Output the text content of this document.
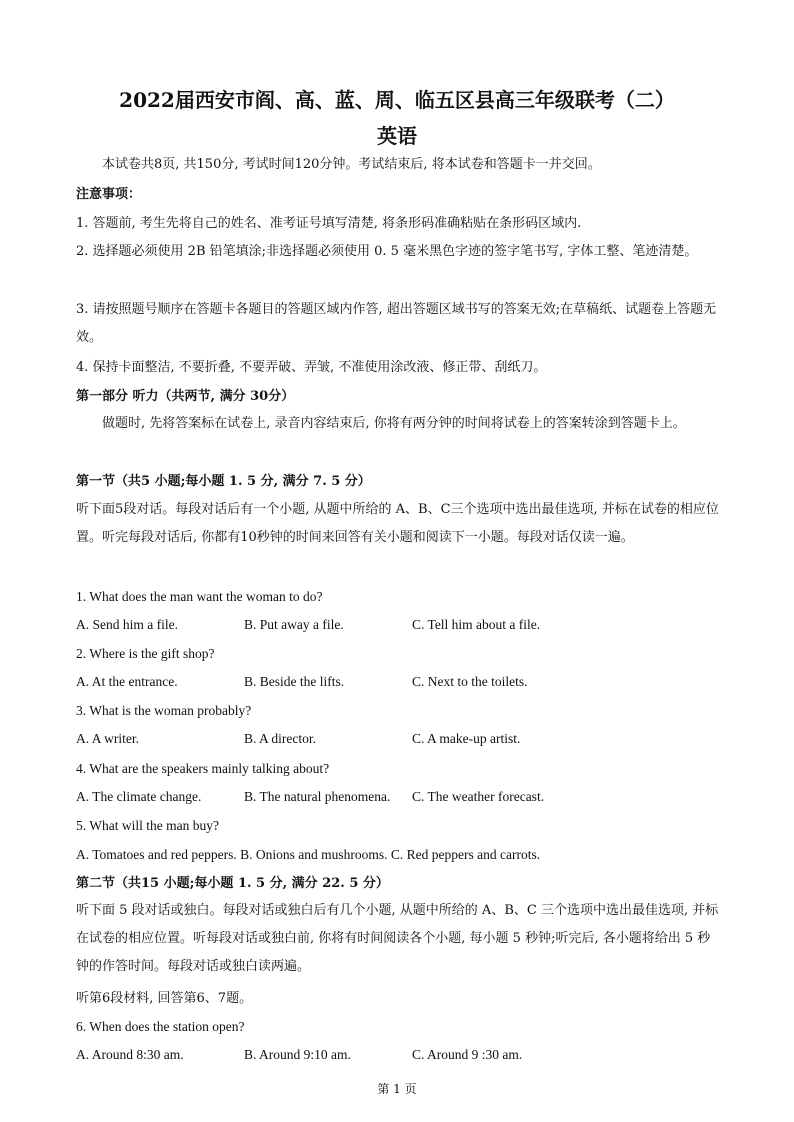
2022届西安市阎、高、蓝、周、临五区县高三年级联考（二）
英语
本试卷共8页, 共150分, 考试时间120分钟。考试结束后, 将本试卷和答题卡一并交回。
注意事项：
1. 答题前, 考生先将自己的姓名、准考证号填写清楚, 将条形码准确粘贴在条形码区域内.
2. 选择题必须使用 2B 铅笔填涂;非选择题必须使用 0. 5 毫米黑色字迹的签字笔书写, 字体工整、笔迹清楚。
3. 请按照题号顺序在答题卡各题目的答题区域内作答, 超出答题区域书写的答案无效;在草稿纸、试题卷上答题无效。
4. 保持卡面整洁, 不要折叠, 不要弄破、弄皱, 不准使用涂改液、修正带、刮纸刀。
第一部分 听力（共两节, 满分 30分）
做题时, 先将答案标在试卷上, 录音内容结束后, 你将有两分钟的时间将试卷上的答案转涂到答题卡上。
第一节（共5 小题;每小题 1. 5 分, 满分 7. 5 分）
听下面5段对话。每段对话后有一个小题, 从题中所给的 A、B、C三个选项中选出最佳选项, 并标在试卷的相应位置。听完每段对话后, 你都有10秒钟的时间来回答有关小题和阅读下一小题。每段对话仅读一遍。
1. What does the man want the woman to do?
A. Send him a file.	B. Put away a file.	C. Tell him about a file.
2. Where is the gift shop?
A. At the entrance.	B. Beside the lifts.	C. Next to the toilets.
3. What is the woman probably?
A. A writer.	B. A director.	C. A make-up artist.
4. What are the speakers mainly talking about?
A. The climate change.	B. The natural phenomena. C. The weather forecast.
5. What will the man buy?
A. Tomatoes and red peppers. B. Onions and mushrooms. C. Red peppers and carrots.
第二节（共15 小题;每小题 1. 5 分, 满分 22. 5 分）
听下面 5 段对话或独白。每段对话或独白后有几个小题, 从题中所给的 A、B、C 三个选项中选出最佳选项, 并标在试卷的相应位置。听每段对话或独白前, 你将有时间阅读各个小题, 每小题 5 秒钟;听完后, 各小题将给出 5 秒钟的作答时间。每段对话或独白读两遍。
听第6段材料, 回答第6、7题。
6. When does the station open?
A. Around 8:30 am.	B. Around 9:10 am.	C. Around 9 :30 am.
第 1 页
